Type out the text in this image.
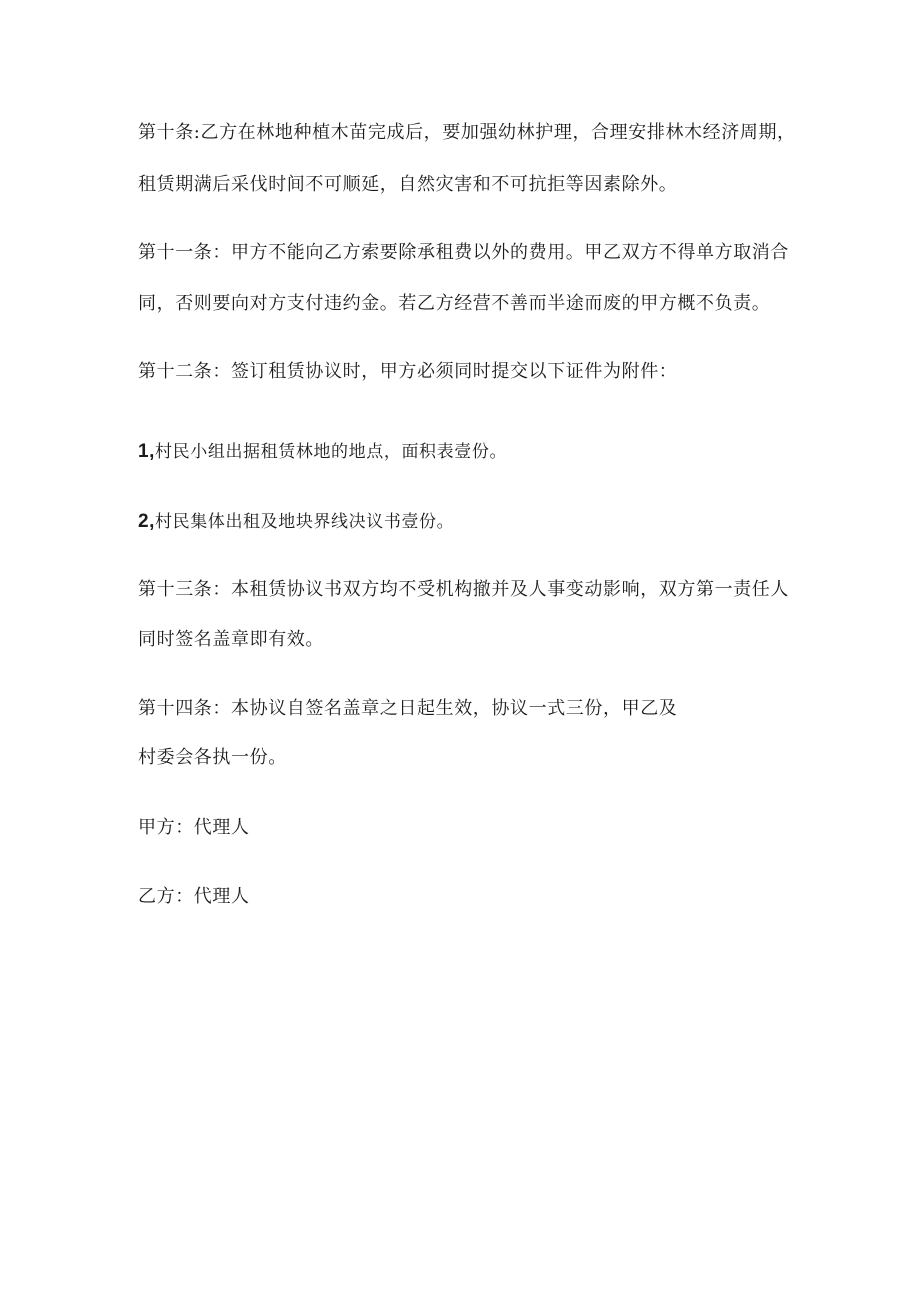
第十条:乙方在林地种植木苗完成后，要加强幼林护理，合理安排林木经济周期，
租赁期满后采伐时间不可顺延，自然灾害和不可抗拒等因素除外。
第十一条：甲方不能向乙方索要除承租费以外的费用。甲乙双方不得单方取消合
同，否则要向对方支付违约金。若乙方经营不善而半途而废的甲方概不负责。
第十二条：签订租赁协议时，甲方必须同时提交以下证件为附件：
1,村民小组出据租赁林地的地点，面积表壹份。
2,村民集体出租及地块界线决议书壹份。
第十三条：本租赁协议书双方均不受机构撤并及人事变动影响，双方第一责任人
同时签名盖章即有效。
第十四条：本协议自签名盖章之日起生效，协议一式三份，甲乙及
村委会各执一份。
甲方：代理人
乙方：代理人
